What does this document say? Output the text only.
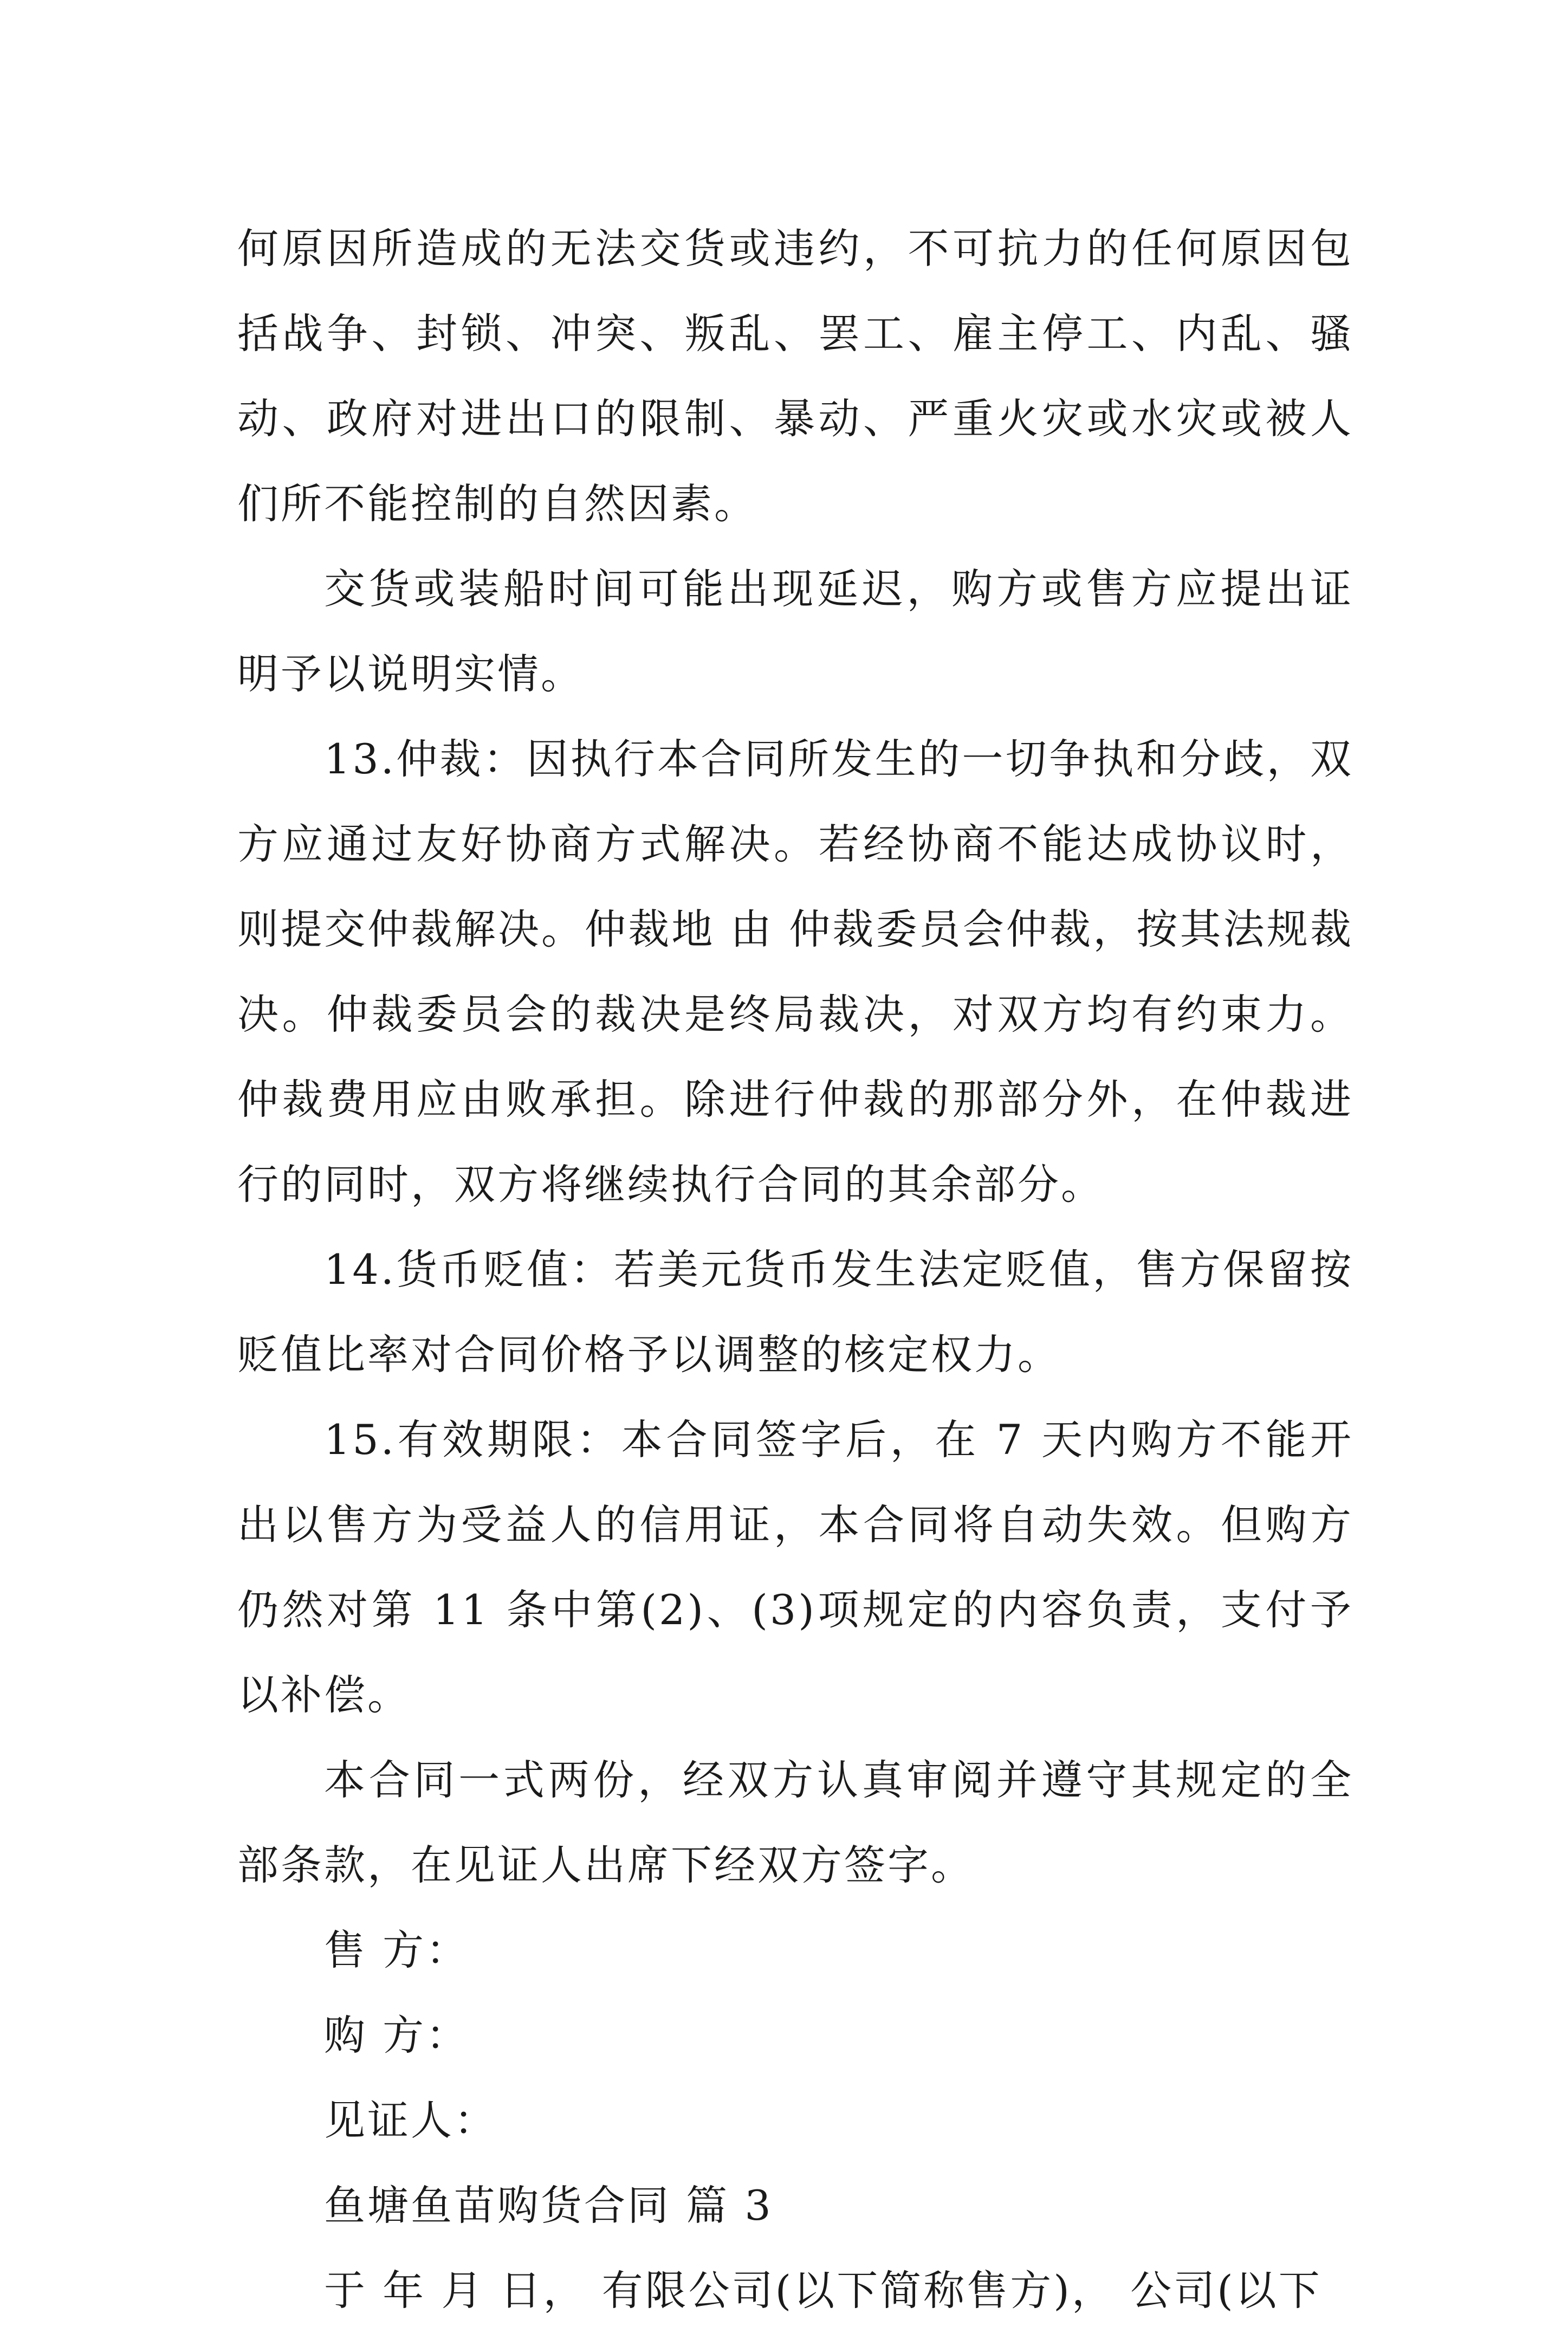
何原因所造成的无法交货或违约，不可抗力的任何原因包括战争、封锁、冲突、叛乱、罢工、雇主停工、内乱、骚动、政府对进出口的限制、暴动、严重火灾或水灾或被人们所不能控制的自然因素。

交货或装船时间可能出现延迟，购方或售方应提出证明予以说明实情。

13.仲裁：因执行本合同所发生的一切争执和分歧，双方应通过友好协商方式解决。若经协商不能达成协议时，则提交仲裁解决。仲裁地 由 仲裁委员会仲裁，按其法规裁决。仲裁委员会的裁决是终局裁决，对双方均有约束力。仲裁费用应由败承担。除进行仲裁的那部分外，在仲裁进行的同时，双方将继续执行合同的其余部分。

14.货币贬值：若美元货币发生法定贬值，售方保留按贬值比率对合同价格予以调整的核定权力。

15.有效期限：本合同签字后，在 7 天内购方不能开出以售方为受益人的信用证，本合同将自动失效。但购方仍然对第 11 条中第(2)、(3)项规定的内容负责，支付予以补偿。

本合同一式两份，经双方认真审阅并遵守其规定的全部条款，在见证人出席下经双方签字。

售 方：

购 方：

见证人：

鱼塘鱼苗购货合同 篇 3

于 年 月 日， 有限公司(以下简称售方)， 公司(以下
